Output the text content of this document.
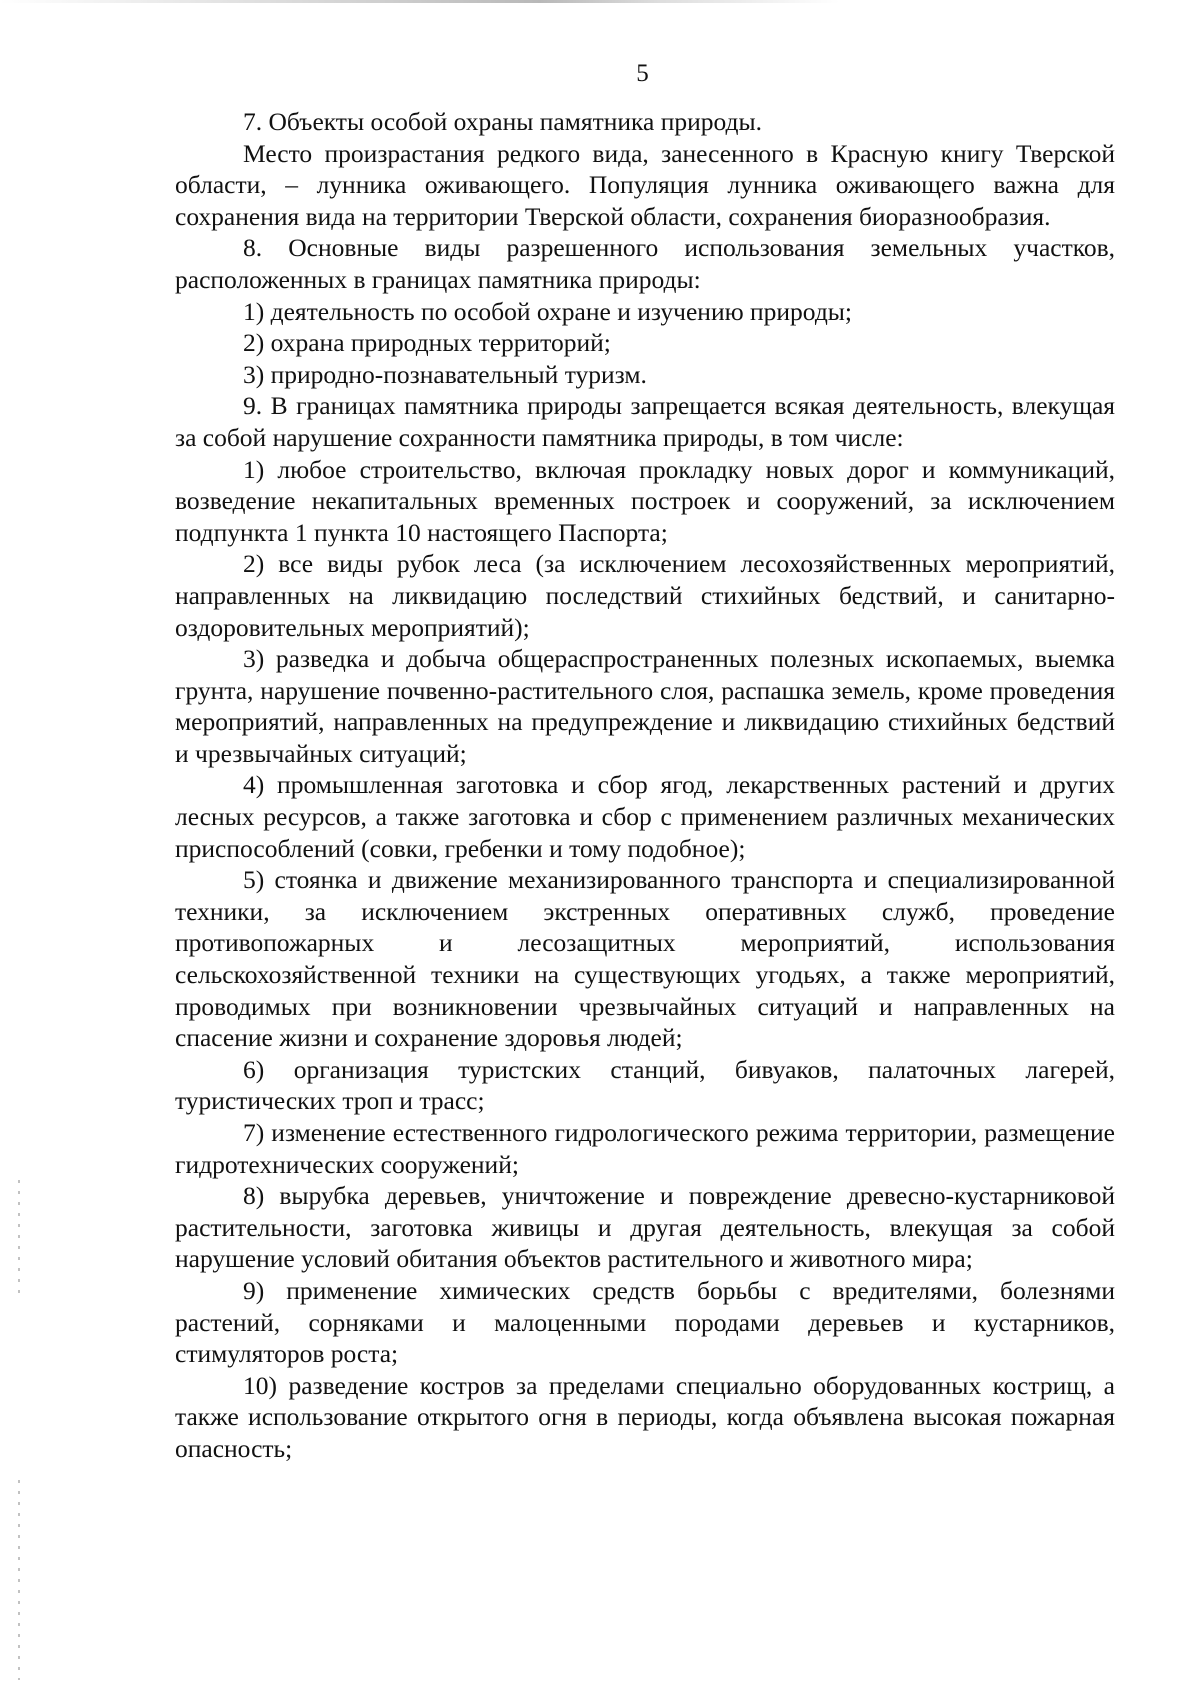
5

7. Объекты особой охраны памятника природы.

Место произрастания редкого вида, занесенного в Красную книгу Тверской области, – лунника оживающего. Популяция лунника оживающего важна для сохранения вида на территории Тверской области, сохранения биоразнообразия.

8. Основные виды разрешенного использования земельных участков, расположенных в границах памятника природы:

1) деятельность по особой охране и изучению природы;

2) охрана природных территорий;

3) природно-познавательный туризм.

9. В границах памятника природы запрещается всякая деятельность, влекущая за собой нарушение сохранности памятника природы, в том числе:

1) любое строительство, включая прокладку новых дорог и коммуникаций, возведение некапитальных временных построек и сооружений, за исключением подпункта 1 пункта 10 настоящего Паспорта;

2) все виды рубок леса (за исключением лесохозяйственных мероприятий, направленных на ликвидацию последствий стихийных бедствий, и санитарно-оздоровительных мероприятий);

3) разведка и добыча общераспространенных полезных ископаемых, выемка грунта, нарушение почвенно-растительного слоя, распашка земель, кроме проведения мероприятий, направленных на предупреждение и ликвидацию стихийных бедствий и чрезвычайных ситуаций;

4) промышленная заготовка и сбор ягод, лекарственных растений и других лесных ресурсов, а также заготовка и сбор с применением различных механических приспособлений (совки, гребенки и тому подобное);

5) стоянка и движение механизированного транспорта и специализированной техники, за исключением экстренных оперативных служб, проведение противопожарных и лесозащитных мероприятий, использования сельскохозяйственной техники на существующих угодьях, а также мероприятий, проводимых при возникновении чрезвычайных ситуаций и направленных на спасение жизни и сохранение здоровья людей;

6) организация туристских станций, бивуаков, палаточных лагерей, туристических троп и трасс;

7) изменение естественного гидрологического режима территории, размещение гидротехнических сооружений;

8) вырубка деревьев, уничтожение и повреждение древесно-кустарниковой растительности, заготовка живицы и другая деятельность, влекущая за собой нарушение условий обитания объектов растительного и животного мира;

9) применение химических средств борьбы с вредителями, болезнями растений, сорняками и малоценными породами деревьев и кустарников, стимуляторов роста;

10) разведение костров за пределами специально оборудованных кострищ, а также использование открытого огня в периоды, когда объявлена высокая пожарная опасность;
